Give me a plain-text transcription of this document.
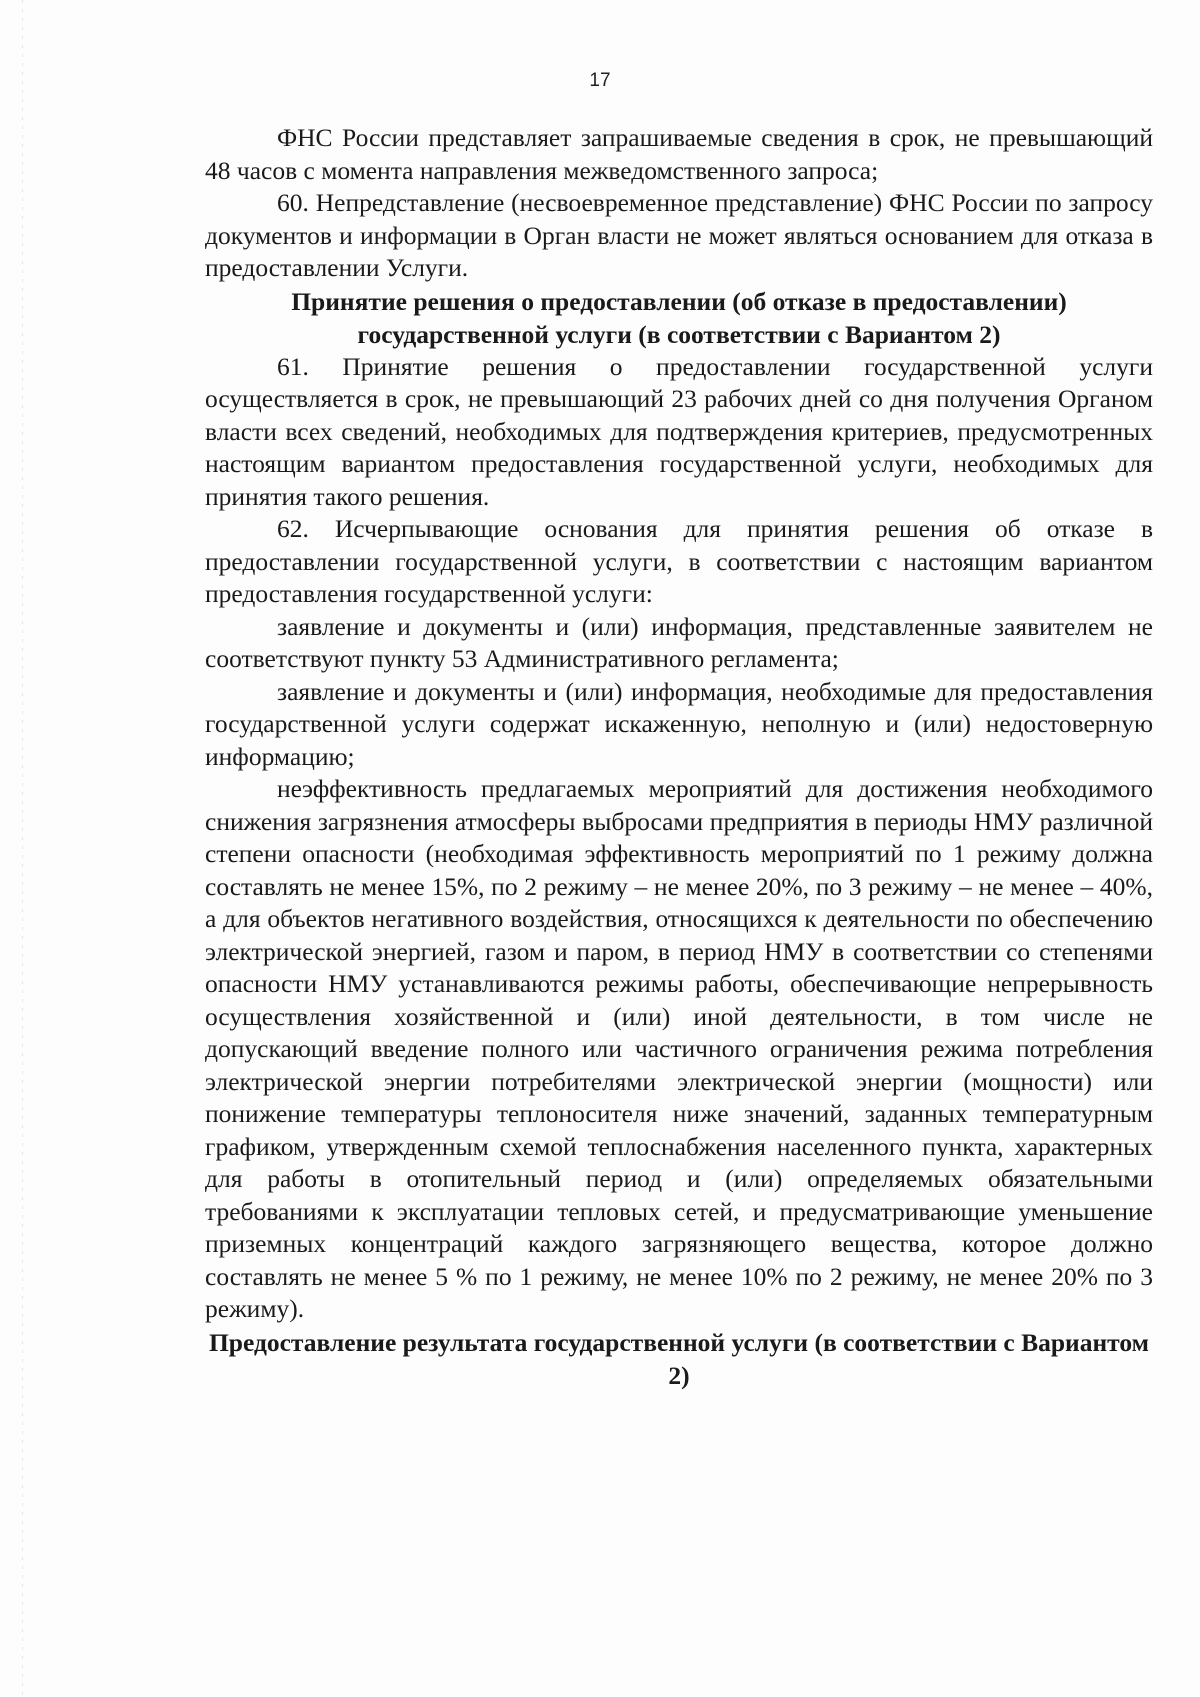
17

ФНС России представляет запрашиваемые сведения в срок, не превышающий 48 часов с момента направления межведомственного запроса;

60. Непредставление (несвоевременное представление) ФНС России по запросу документов и информации в Орган власти не может являться основанием для отказа в предоставлении Услуги.

Принятие решения о предоставлении (об отказе в предоставлении) государственной услуги (в соответствии с Вариантом 2)

61. Принятие решения о предоставлении государственной услуги осуществляется в срок, не превышающий 23 рабочих дней со дня получения Органом власти всех сведений, необходимых для подтверждения критериев, предусмотренных настоящим вариантом предоставления государственной услуги, необходимых для принятия такого решения.

62. Исчерпывающие основания для принятия решения об отказе в предоставлении государственной услуги, в соответствии с настоящим вариантом предоставления государственной услуги:

заявление и документы и (или) информация, представленные заявителем не соответствуют пункту 53 Административного регламента;

заявление и документы и (или) информация, необходимые для предоставления государственной услуги содержат искаженную, неполную и (или) недостоверную информацию;

неэффективность предлагаемых мероприятий для достижения необходимого снижения загрязнения атмосферы выбросами предприятия в периоды НМУ различной степени опасности (необходимая эффективность мероприятий по 1 режиму должна составлять не менее 15%, по 2 режиму – не менее 20%, по 3 режиму – не менее – 40%, а для объектов негативного воздействия, относящихся к деятельности по обеспечению электрической энергией, газом и паром, в период НМУ в соответствии со степенями опасности НМУ устанавливаются режимы работы, обеспечивающие непрерывность осуществления хозяйственной и (или) иной деятельности, в том числе не допускающий введение полного или частичного ограничения режима потребления электрической энергии потребителями электрической энергии (мощности) или понижение температуры теплоносителя ниже значений, заданных температурным графиком, утвержденным схемой теплоснабжения населенного пункта, характерных для работы в отопительный период и (или) определяемых обязательными требованиями к эксплуатации тепловых сетей, и предусматривающие уменьшение приземных концентраций каждого загрязняющего вещества, которое должно составлять не менее 5 % по 1 режиму, не менее 10% по 2 режиму, не менее 20% по 3 режиму).

Предоставление результата государственной услуги (в соответствии с Вариантом 2)
